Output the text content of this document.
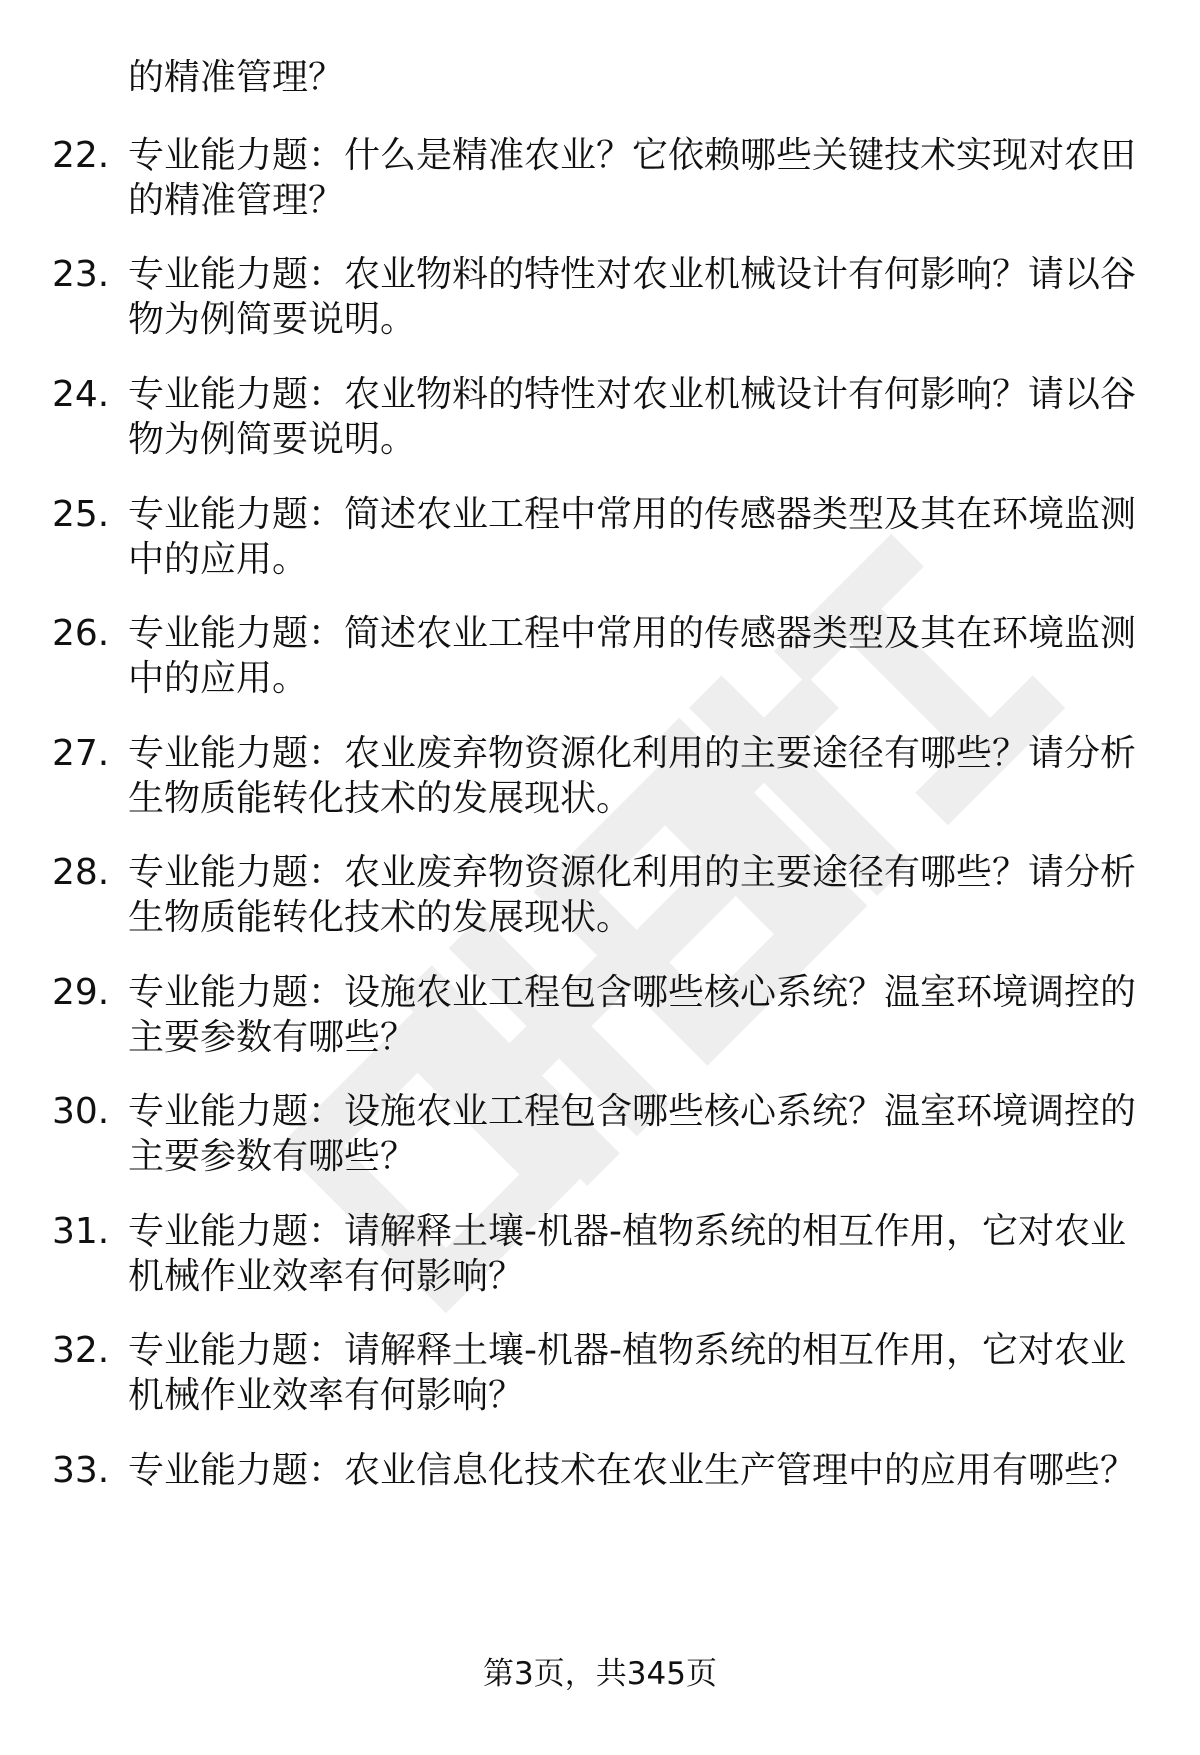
的精准管理？
22. 专业能力题：什么是精准农业？它依赖哪些关键技术实现对农田
的精准管理？
23. 专业能力题：农业物料的特性对农业机械设计有何影响？请以谷
物为例简要说明。
24. 专业能力题：农业物料的特性对农业机械设计有何影响？请以谷
物为例简要说明。
25. 专业能力题：简述农业工程中常用的传感器类型及其在环境监测
中的应用。
26. 专业能力题：简述农业工程中常用的传感器类型及其在环境监测
中的应用。
27. 专业能力题：农业废弃物资源化利用的主要途径有哪些？请分析
生物质能转化技术的发展现状。
28. 专业能力题：农业废弃物资源化利用的主要途径有哪些？请分析
生物质能转化技术的发展现状。
29. 专业能力题：设施农业工程包含哪些核心系统？温室环境调控的
主要参数有哪些？
30. 专业能力题：设施农业工程包含哪些核心系统？温室环境调控的
主要参数有哪些？
31. 专业能力题：请解释土壤-机器-植物系统的相互作用，它对农业
机械作业效率有何影响？
32. 专业能力题：请解释土壤-机器-植物系统的相互作用，它对农业
机械作业效率有何影响？
33. 专业能力题：农业信息化技术在农业生产管理中的应用有哪些？
第3页，共345页
